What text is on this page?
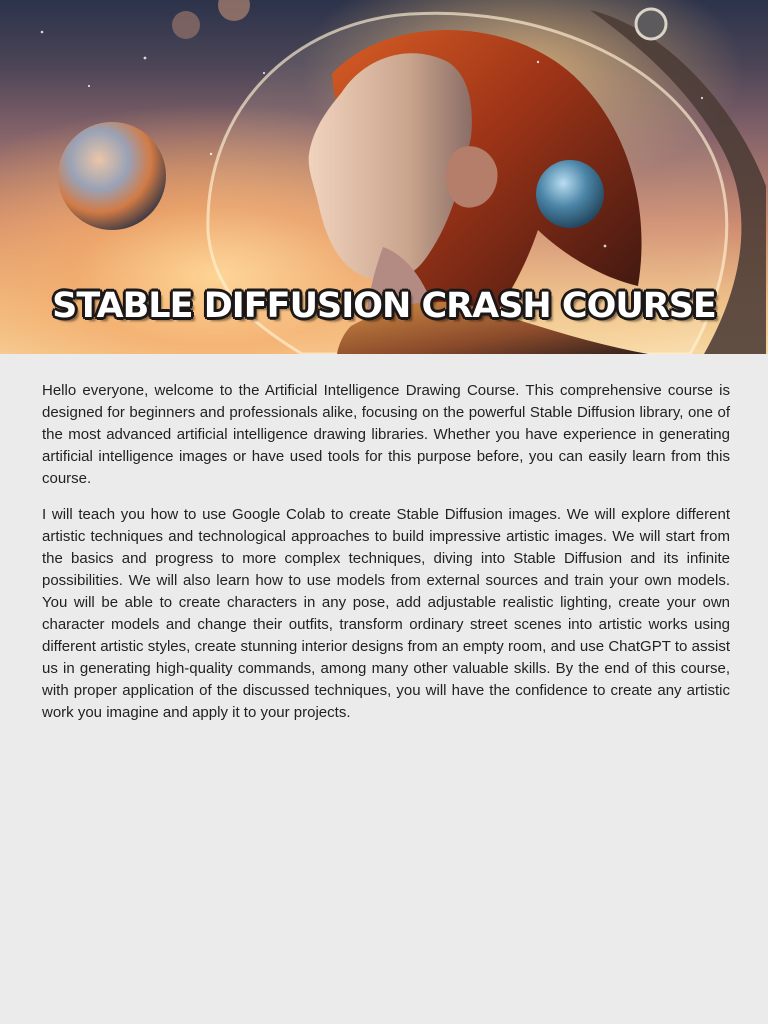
STABLE DIFFUSION CRASH COURSE

Hello everyone, welcome to the Artificial Intelligence Drawing Course. This comprehensive course is designed for beginners and professionals alike, focusing on the powerful Stable Diffusion library, one of the most advanced artificial intelligence drawing libraries. Whether you have experience in generating artificial intelligence images or have used tools for this purpose before, you can easily learn from this course.

I will teach you how to use Google Colab to create Stable Diffusion images. We will explore different artistic techniques and technological approaches to build impressive artistic images. We will start from the basics and progress to more complex techniques, diving into Stable Diffusion and its infinite possibilities. We will also learn how to use models from external sources and train your own models. You will be able to create characters in any pose, add adjustable realistic lighting, create your own character models and change their outfits, transform ordinary street scenes into artistic works using different artistic styles, create stunning interior designs from an empty room, and use ChatGPT to assist us in generating high-quality commands, among many other valuable skills. By the end of this course, with proper application of the discussed techniques, you will have the confidence to create any artistic work you imagine and apply it to your projects.
